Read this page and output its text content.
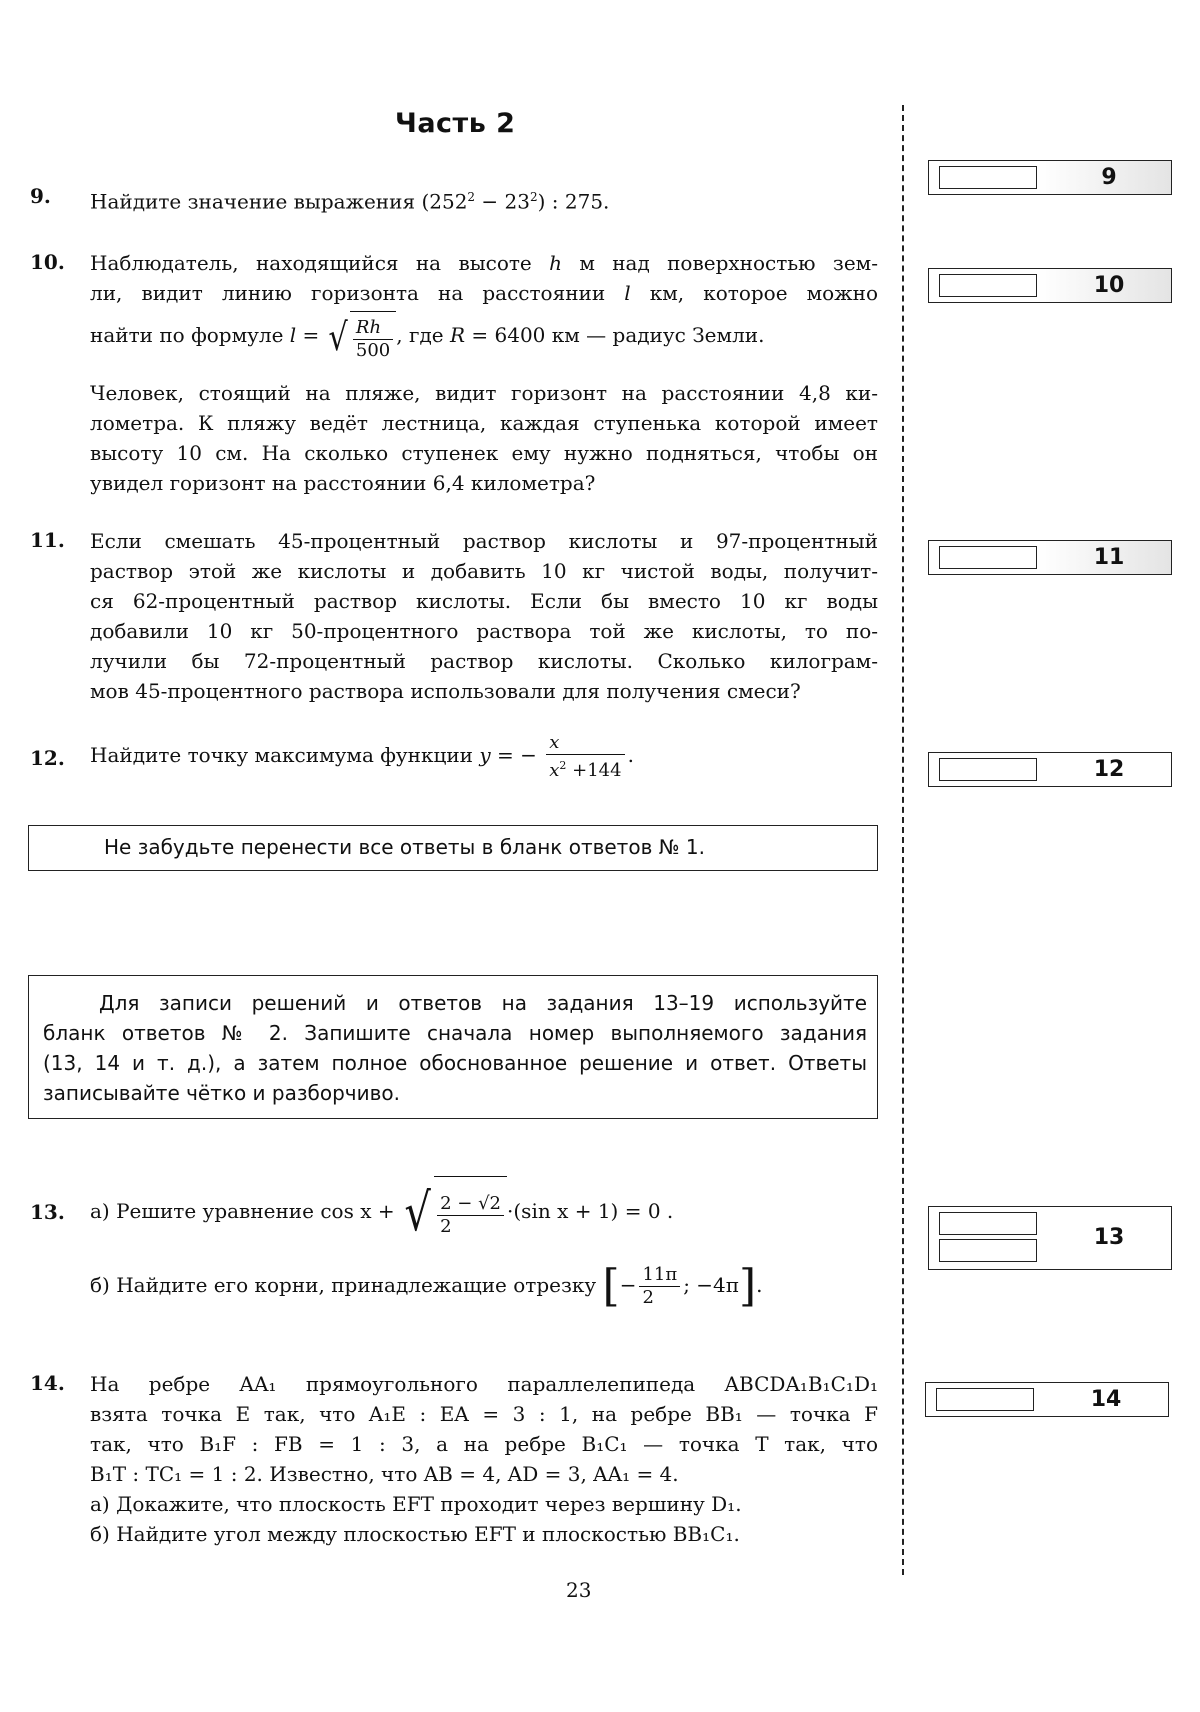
Часть 2
9. Найдите значение выражения $(252^2 - 23^2)$ : 275.
10. Наблюдатель, находящийся на высоте h м над поверхностью зем-
ли, видит линию горизонта на расстоянии l км, которое можно
найти по формуле l = √ $\frac{Rh}{500}$ , где R = 6400 км — радиус Земли.
Человек, стоящий на пляже, видит горизонт на расстоянии 4,8 ки-
лометра. К пляжу ведёт лестница, каждая ступенька которой имеет
высоту 10 см. На сколько ступенек ему нужно подняться, чтобы он
увидел горизонт на расстоянии 6,4 километра?
11. Если смешать 45-процентный раствор кислоты и 97-процентный
раствор этой же кислоты и добавить 10 кг чистой воды, получит-
ся 62-процентный раствор кислоты. Если бы вместо 10 кг воды
добавили 10 кг 50-процентного раствора той же кислоты, то по-
лучили бы 72-процентный раствор кислоты. Сколько килограм-
мов 45-процентного раствора использовали для получения смеси?
12. Найдите точку максимума функции y = − $\frac{x}{x^2 +144}$ .
Не забудьте перенести все ответы в бланк ответов № 1.
Для записи решений и ответов на задания 13–19 используйте
бланк ответов № 2. Запишите сначала номер выполняемого задания
(13, 14 и т. д.), а затем полное обоснованное решение и ответ. Ответы
записывайте чётко и разборчиво.
13. а) Решите уравнение cos x + √ $\frac{2 - √2}{2} \cdot(\sin$ x + 1) = 0 .
б) Найдите его корни, принадлежащие отрезку [− $\frac{11\pi}{2}$ ; −4π].
14. На ребре AA₁ прямоугольного параллелепипеда ABCDA₁B₁C₁D₁
взята точка E так, что A₁E : EA = 3 : 1, на ребре BB₁ — точка F
так, что B₁F : FB = 1 : 3, а на ребре B₁C₁ — точка T так, что
B₁T : TC₁ = 1 : 2. Известно, что AB = 4, AD = 3, AA₁ = 4.
а) Докажите, что плоскость EFT проходит через вершину D₁.
б) Найдите угол между плоскостью EFT и плоскостью BB₁C₁.
9
10
11
12
13
14
23
